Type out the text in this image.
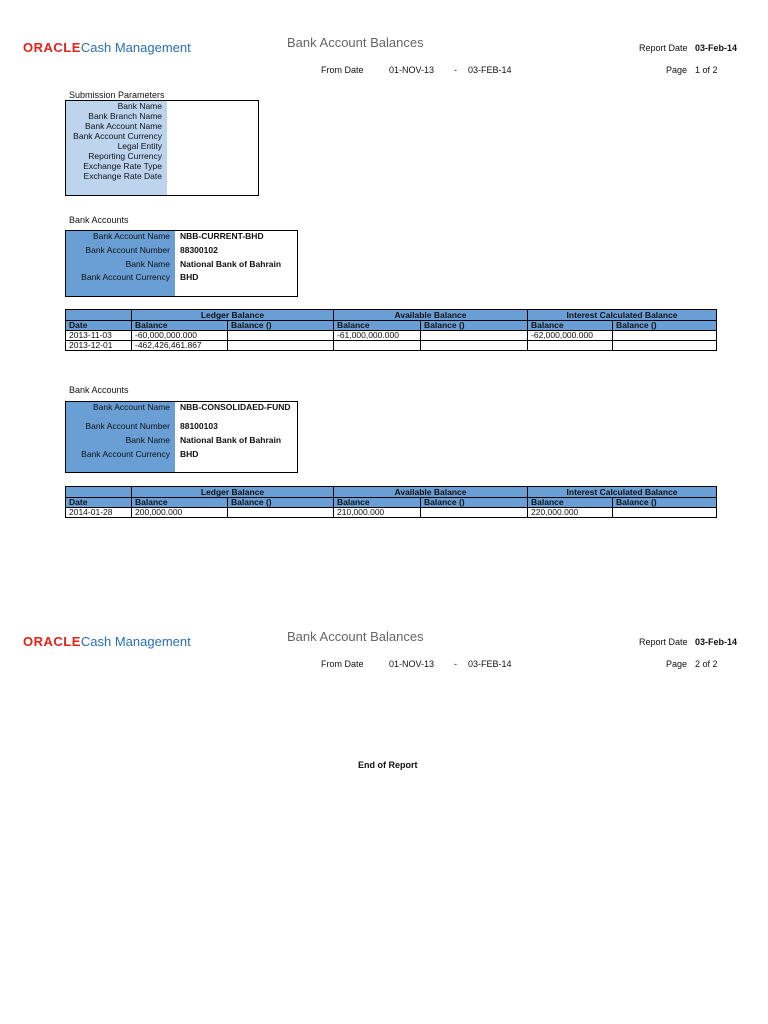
ORACLECash Management	Bank Account Balances	Report Date 03-Feb-14
From Date	01-NOV-13 - 03-FEB-14	Page 1 of 2
Submission Parameters
Bank Name
Bank Branch Name
Bank Account Name
Bank Account Currency
Legal Entity
Reporting Currency
Exchange Rate Type
Exchange Rate Date
Bank Accounts
Bank Account Name NBB-CURRENT-BHD
Bank Account Number 88300102
Bank Name National Bank of Bahrain
Bank Account Currency BHD
	Ledger Balance		Available Balance		Interest Calculated Balance	
Date	Balance	Balance ()	Balance	Balance ()	Balance	Balance ()
2013-11-03	-60,000,000.000		-61,000,000.000		-62,000,000.000	
2013-12-01	-462,426,461.867					
Bank Accounts
Bank Account Name NBB-CONSOLIDAED-FUND
Bank Account Number 88100103
Bank Name National Bank of Bahrain
Bank Account Currency BHD
	Ledger Balance		Available Balance		Interest Calculated Balance	
Date	Balance	Balance ()	Balance	Balance ()	Balance	Balance ()
2014-01-28	200,000.000		210,000.000		220,000.000	
ORACLECash Management	Bank Account Balances	Report Date 03-Feb-14
From Date	01-NOV-13 - 03-FEB-14	Page 2 of 2
End of Report
